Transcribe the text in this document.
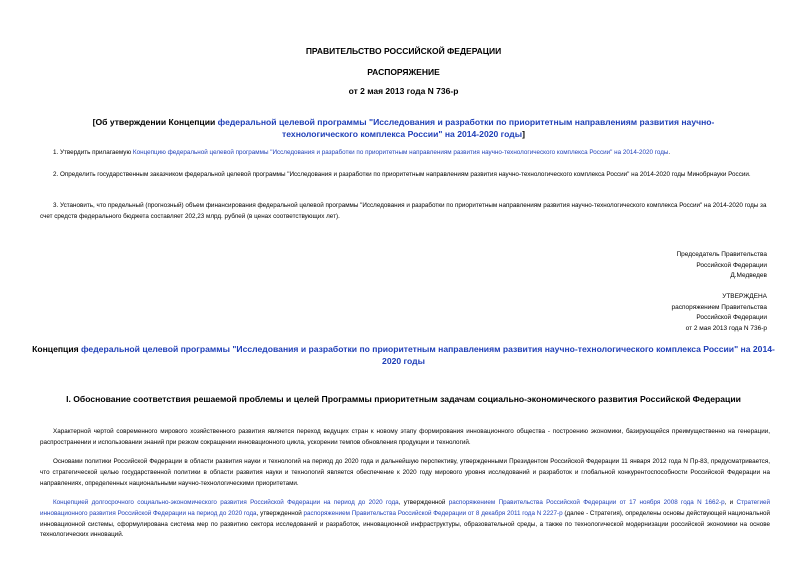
ПРАВИТЕЛЬСТВО РОССИЙСКОЙ ФЕДЕРАЦИИ
РАСПОРЯЖЕНИЕ
от 2 мая 2013 года N 736-р
[Об утверждении Концепции федеральной целевой программы "Исследования и разработки по приоритетным направлениям развития научно-технологического комплекса России" на 2014-2020 годы]
1. Утвердить прилагаемую Концепцию федеральной целевой программы "Исследования и разработки по приоритетным направлениям развития научно-технологического комплекса России" на 2014-2020 годы.
2. Определить государственным заказчиком федеральной целевой программы "Исследования и разработки по приоритетным направлениям развития научно-технологического комплекса России" на 2014-2020 годы Минобрнауки России.
3. Установить, что предельный (прогнозный) объем финансирования федеральной целевой программы "Исследования и разработки по приоритетным направлениям развития научно-технологического комплекса России" на 2014-2020 годы за счет средств федерального бюджета составляет 202,23 млрд. рублей (в ценах соответствующих лет).
Председатель Правительства
Российской Федерации
Д.Медведев
УТВЕРЖДЕНА
распоряжением Правительства
Российской Федерации
от 2 мая 2013 года N 736-р
Концепция федеральной целевой программы "Исследования и разработки по приоритетным направлениям развития научно-технологического комплекса России" на 2014-2020 годы
I. Обоснование соответствия решаемой проблемы и целей Программы приоритетным задачам социально-экономического развития Российской Федерации
Характерной чертой современного мирового хозяйственного развития является переход ведущих стран к новому этапу формирования инновационного общества - построению экономики, базирующейся преимущественно на генерации, распространении и использовании знаний при резком сокращении инновационного цикла, ускорении темпов обновления продукции и технологий.
Основами политики Российской Федерации в области развития науки и технологий на период до 2020 года и дальнейшую перспективу, утвержденными Президентом Российской Федерации 11 января 2012 года N Пр-83, предусматривается, что стратегической целью государственной политики в области развития науки и технологий является обеспечение к 2020 году мирового уровня исследований и разработок и глобальной конкурентоспособности Российской Федерации на направлениях, определенных национальными научно-технологическими приоритетами.
Концепцией долгосрочного социально-экономического развития Российской Федерации на период до 2020 года, утвержденной распоряжением Правительства Российской Федерации от 17 ноября 2008 года N 1662-р, и Стратегией инновационного развития Российской Федерации на период до 2020 года, утвержденной распоряжением Правительства Российской Федерации от 8 декабря 2011 года N 2227-р (далее - Стратегия), определены основы действующей национальной инновационной системы, сформулирована система мер по развитию сектора исследований и разработок, инновационной инфраструктуры, образовательной среды, а также по технологической модернизации российской экономики на основе технологических инноваций.
